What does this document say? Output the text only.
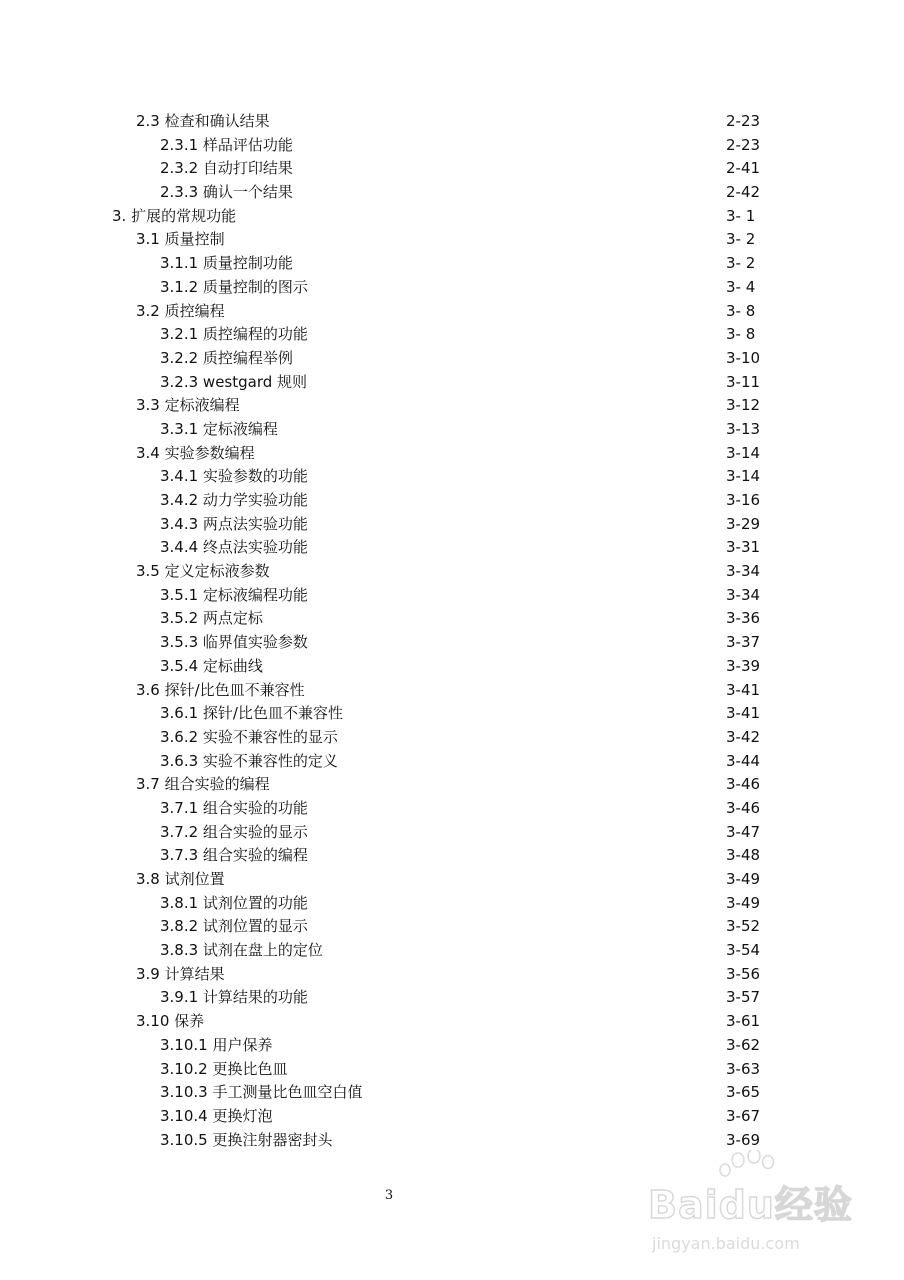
2.3 检查和确认结果	2-23
2.3.1 样品评估功能	2-23
2.3.2 自动打印结果	2-41
2.3.3 确认一个结果	2-42
3. 扩展的常规功能	3- 1
3.1 质量控制	3- 2
3.1.1 质量控制功能	3- 2
3.1.2 质量控制的图示	3- 4
3.2 质控编程	3- 8
3.2.1 质控编程的功能	3- 8
3.2.2 质控编程举例	3-10
3.2.3 westgard 规则	3-11
3.3 定标液编程	3-12
3.3.1 定标液编程	3-13
3.4 实验参数编程	3-14
3.4.1 实验参数的功能	3-14
3.4.2 动力学实验功能	3-16
3.4.3 两点法实验功能	3-29
3.4.4 终点法实验功能	3-31
3.5 定义定标液参数	3-34
3.5.1 定标液编程功能	3-34
3.5.2 两点定标	3-36
3.5.3 临界值实验参数	3-37
3.5.4 定标曲线	3-39
3.6 探针/比色皿不兼容性	3-41
3.6.1 探针/比色皿不兼容性	3-41
3.6.2 实验不兼容性的显示	3-42
3.6.3 实验不兼容性的定义	3-44
3.7 组合实验的编程	3-46
3.7.1 组合实验的功能	3-46
3.7.2 组合实验的显示	3-47
3.7.3 组合实验的编程	3-48
3.8 试剂位置	3-49
3.8.1 试剂位置的功能	3-49
3.8.2 试剂位置的显示	3-52
3.8.3 试剂在盘上的定位	3-54
3.9 计算结果	3-56
3.9.1 计算结果的功能	3-57
3.10 保养	3-61
3.10.1 用户保养	3-62
3.10.2 更换比色皿	3-63
3.10.3 手工测量比色皿空白值	3-65
3.10.4 更换灯泡	3-67
3.10.5 更换注射器密封头	3-69
3	Baidu经验
jingyan.baidu.com
